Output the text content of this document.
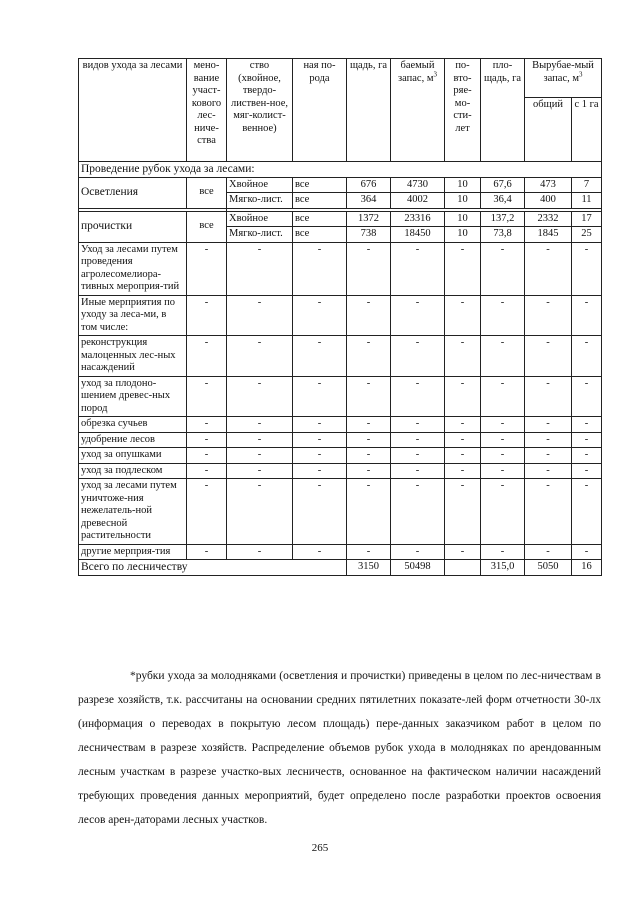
видов ухода за лесами	мено-вание участ-кового лес-ниче-ства	ство (хвойное, твердо-листвен-ное, мяг-колист-венное)	ная по-рода	щадь, га	баемый запас, $м^3$	по-вто-ряе-мо-сти-лет	пло-щадь, га	Вырубае-мый запас, $м^3$
								общий	с 1 га
Проведение рубок ухода за лесами:									
Осветления	все	Хвойное	все	676	4730	10	67,6	473	7
		Мягко-лист.	все	364	4002	10	36,4	400	11

прочистки	все	Хвойное	все	1372	23316	10	137,2	2332	17
		Мягко-лист.	все	738	18450	10	73,8	1845	25
Уход за лесами путем проведения агролесомелиора-тивных мероприя-тий	-	-	-	-	-	-	-	-	-
Иные мерприятия по уходу за леса-ми, в том числе:	-	-	-	-	-	-	-	-	-
реконструкция малоценных лес-ных насаждений	-	-	-	-	-	-	-	-	-
уход за плодоно-шением древес-ных пород	-	-	-	-	-	-	-	-	-
обрезка сучьев	-	-	-	-	-	-	-	-	-
удобрение лесов	-	-	-	-	-	-	-	-	-
уход за опушками	-	-	-	-	-	-	-	-	-
уход за подлеском	-	-	-	-	-	-	-	-	-
уход за лесами путем уничтоже-ния нежелатель-ной древесной растительности	-	-	-	-	-	-	-	-	-
другие мерприя-тия	-	-	-	-	-	-	-	-	-
Всего по лесничеству				3150	50498		315,0	5050	16

*рубки ухода за молодняками (осветления и прочистки) приведены в целом по лес-ничествам в разрезе хозяйств, т.к. рассчитаны на основании средних пятилетних показате-лей форм отчетности 30-лх (информация о переводах в покрытую лесом площадь) пере-данных заказчиком работ в целом по лесничествам в разрезе хозяйств. Распределение объемов рубок ухода в молодняках по арендованным лесным участкам в разрезе участко-вых лесничеств, основанное на фактическом наличии насаждений требующих проведения данных мероприятий, будет определено после разработки проектов освоения лесов арен-даторами лесных участков.

265
